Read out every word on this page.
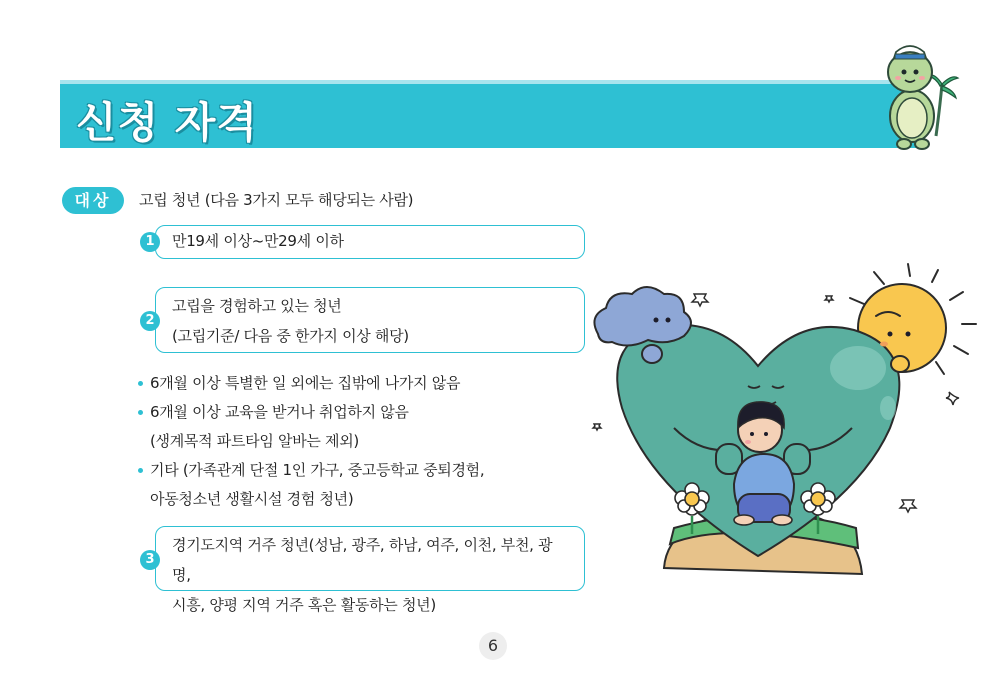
신청 자격
대상	고립 청년 (다음 3가지 모두 해당되는 사람)
만19세 이상~만29세 이하
1
고립을 경험하고 있는 청년
(고립기준/ 다음 중 한가지 이상 해당)
2
6개월 이상 특별한 일 외에는 집밖에 나가지 않음
6개월 이상 교육을 받거나 취업하지 않음
(생계목적 파트타임 알바는 제외)
기타 (가족관계 단절 1인 가구, 중고등학교 중퇴경험,
아동청소년 생활시설 경험 청년)
경기도지역 거주 청년(성남, 광주, 하남, 여주, 이천, 부천, 광명,
시흥, 양평 지역 거주 혹은 활동하는 청년)
3
6
